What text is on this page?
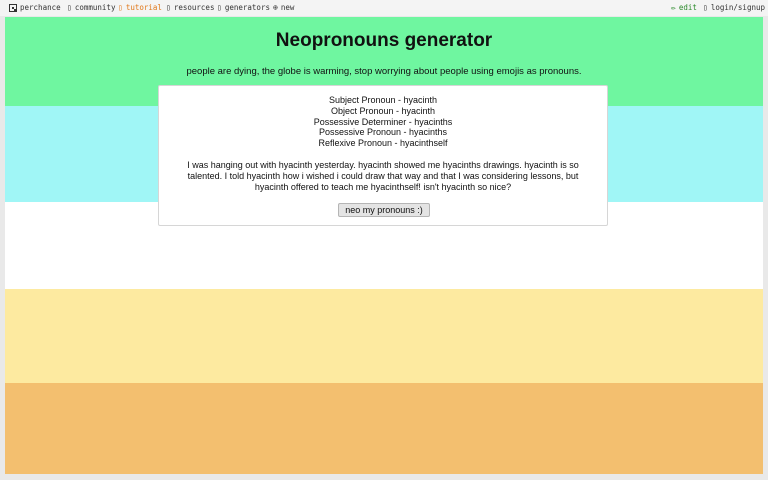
perchance ▯ community ▯ tutorial ▯ resources ▯ generators ⊕ new	✏ edit ▯ login/signup
Neopronouns generator
people are dying, the globe is warming, stop worrying about people using emojis as pronouns.
Subject Pronoun - hyacinth
Object Pronoun - hyacinth
Possessive Determiner - hyacinths
Possessive Pronoun - hyacinths
Reflexive Pronoun - hyacinthself
I was hanging out with hyacinth yesterday. hyacinth showed me hyacinths drawings. hyacinth is so talented. I told hyacinth how i wished i could draw that way and that I was considering lessons, but hyacinth offered to teach me hyacinthself! isn't hyacinth so nice?
neo my pronouns :)
